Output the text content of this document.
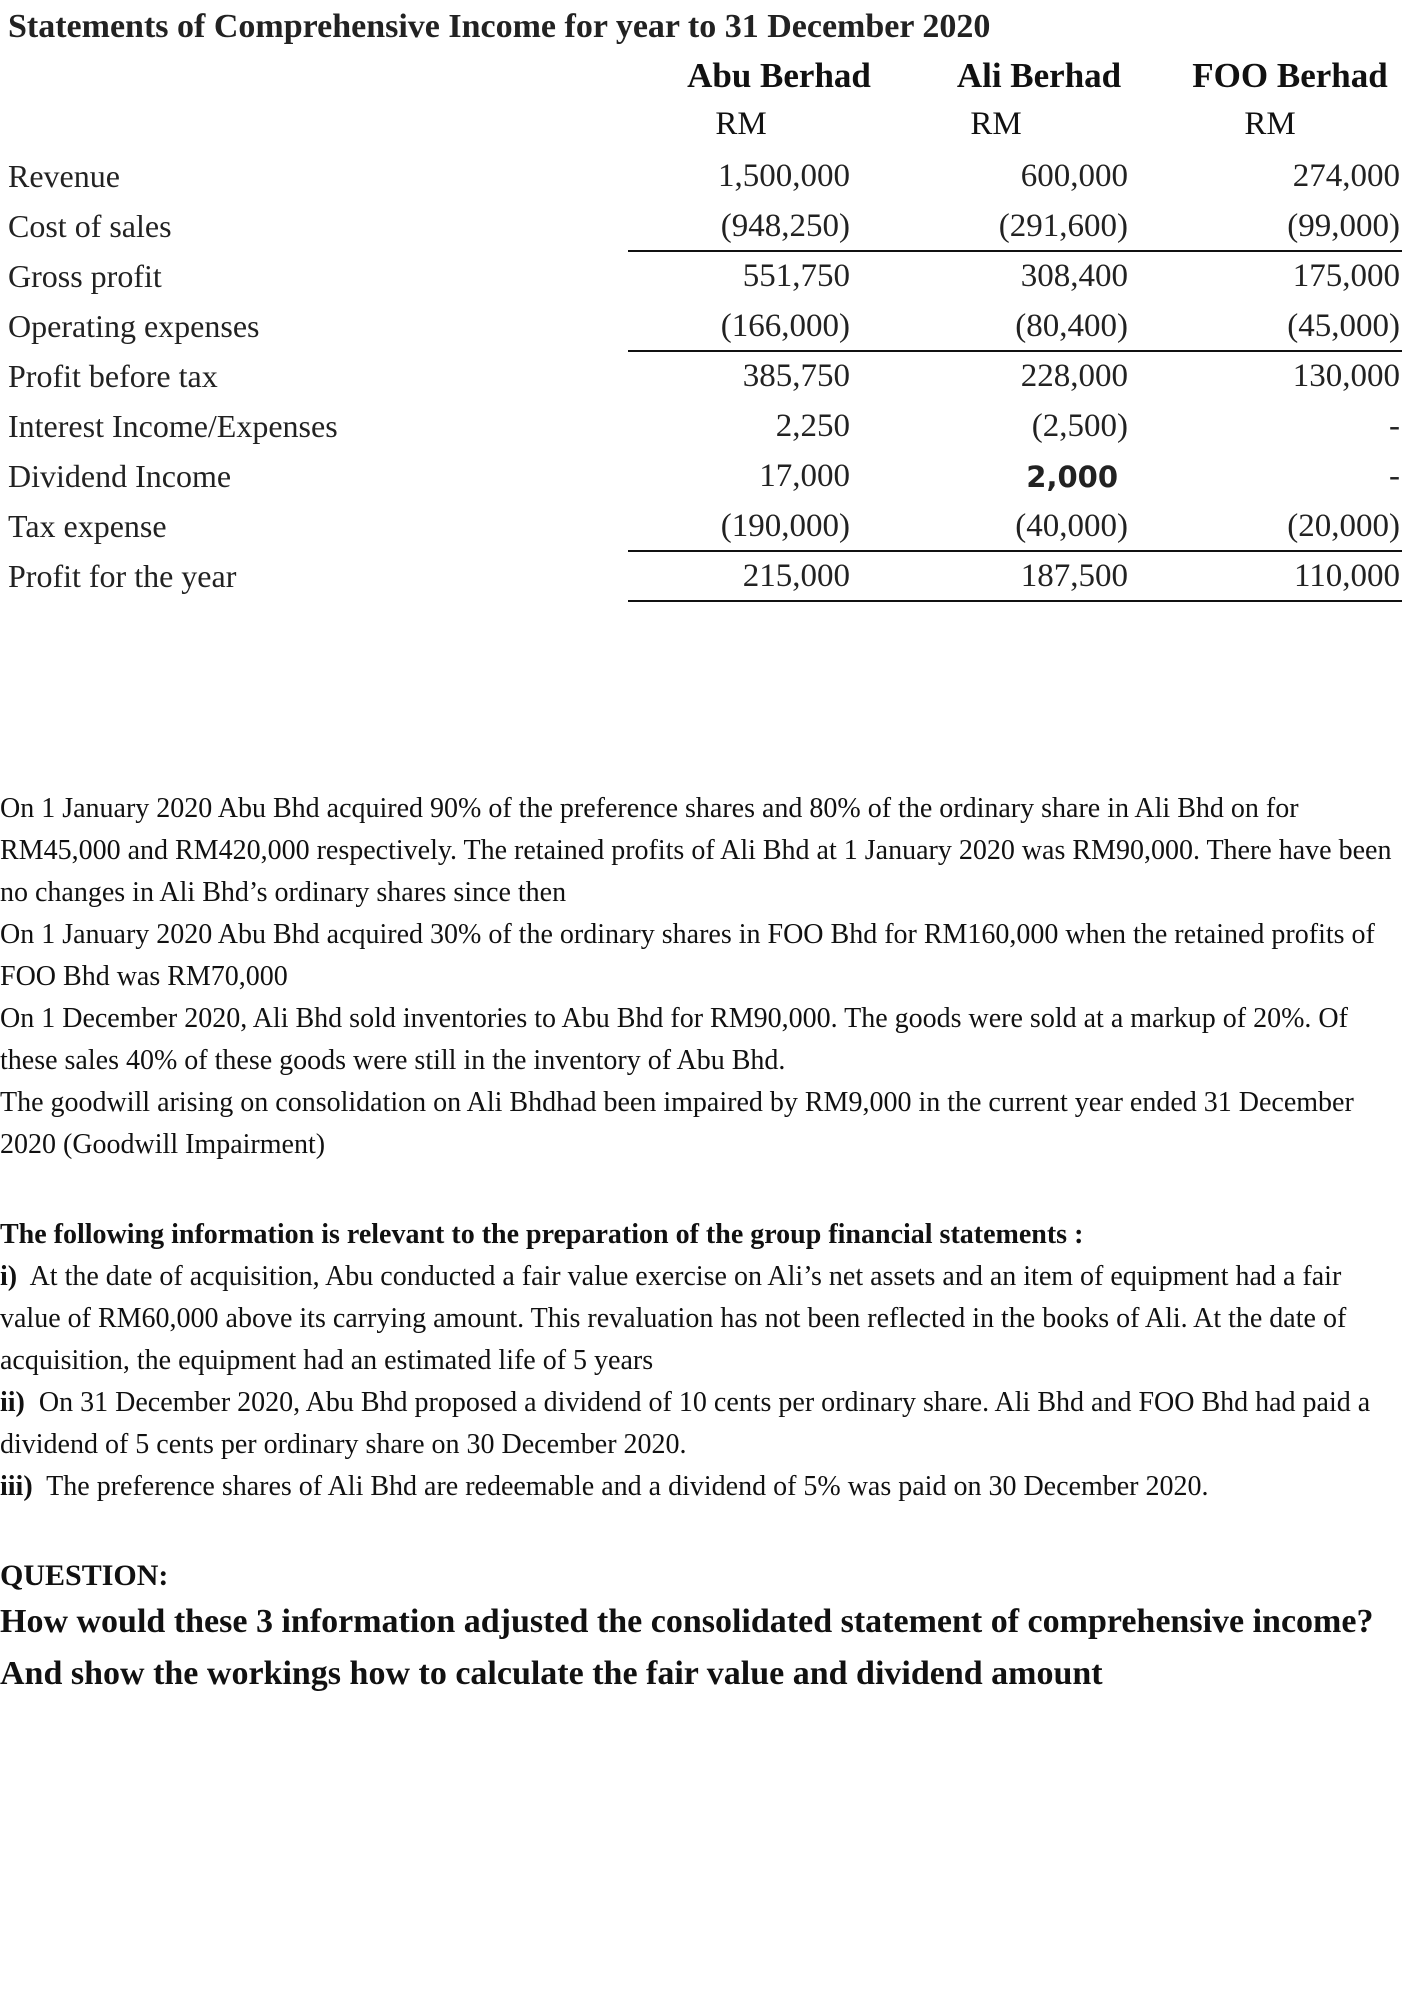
Statements of Comprehensive Income for year to 31 December 2020
Abu Berhad	Ali Berhad	FOO Berhad
RM	RM	RM
Revenue	1,500,000	600,000	274,000
Cost of sales	(948,250)	(291,600)	(99,000)
Gross profit	551,750	308,400	175,000
Operating expenses	(166,000)	(80,400)	(45,000)
Profit before tax	385,750	228,000	130,000
Interest Income/Expenses	2,250	(2,500)	-
Dividend Income	17,000	2,000	-
Tax expense	(190,000)	(40,000)	(20,000)
Profit for the year	215,000	187,500	110,000

On 1 January 2020 Abu Bhd acquired 90% of the preference shares and 80% of the ordinary share in Ali Bhd on for RM45,000 and RM420,000 respectively. The retained profits of Ali Bhd at 1 January 2020 was RM90,000. There have been no changes in Ali Bhd’s ordinary shares since then

On 1 January 2020 Abu Bhd acquired 30% of the ordinary shares in FOO Bhd for RM160,000 when the retained profits of FOO Bhd was RM70,000

On 1 December 2020, Ali Bhd sold inventories to Abu Bhd for RM90,000. The goods were sold at a markup of 20%. Of these sales 40% of these goods were still in the inventory of Abu Bhd.

The goodwill arising on consolidation on Ali Bhdhad been impaired by RM9,000 in the current year ended 31 December 2020 (Goodwill Impairment)

The following information is relevant to the preparation of the group financial statements :

i) At the date of acquisition, Abu conducted a fair value exercise on Ali’s net assets and an item of equipment had a fair value of RM60,000 above its carrying amount. This revaluation has not been reflected in the books of Ali. At the date of acquisition, the equipment had an estimated life of 5 years

ii) On 31 December 2020, Abu Bhd proposed a dividend of 10 cents per ordinary share. Ali Bhd and FOO Bhd had paid a dividend of 5 cents per ordinary share on 30 December 2020.

iii) The preference shares of Ali Bhd are redeemable and a dividend of 5% was paid on 30 December 2020.

QUESTION:

How would these 3 information adjusted the consolidated statement of comprehensive income? And show the workings how to calculate the fair value and dividend amount
